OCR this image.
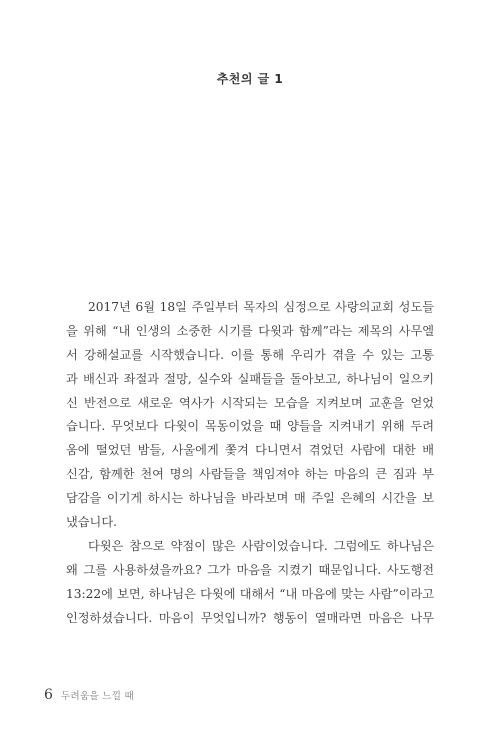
추천의 글 1
2017년 6월 18일 주일부터 목자의 심정으로 사랑의교회 성도들
을 위해 “내 인생의 소중한 시기를 다윗과 함께”라는 제목의 사무엘
서 강해설교를 시작했습니다. 이를 통해 우리가 겪을 수 있는 고통
과 배신과 좌절과 절망, 실수와 실패들을 돌아보고, 하나님이 일으키
신 반전으로 새로운 역사가 시작되는 모습을 지켜보며 교훈을 얻었
습니다. 무엇보다 다윗이 목동이었을 때 양들을 지켜내기 위해 두려
움에 떨었던 밤들, 사울에게 쫓겨 다니면서 겪었던 사람에 대한 배
신감, 함께한 천여 명의 사람들을 책임져야 하는 마음의 큰 짐과 부
담감을 이기게 하시는 하나님을 바라보며 매 주일 은혜의 시간을 보
냈습니다.
다윗은 참으로 약점이 많은 사람이었습니다. 그럼에도 하나님은
왜 그를 사용하셨을까요? 그가 마음을 지켰기 때문입니다. 사도행전
13:22에 보면, 하나님은 다윗에 대해서 “내 마음에 맞는 사람”이라고
인정하셨습니다. 마음이 무엇입니까? 행동이 열매라면 마음은 나무
6 두려움을 느낄 때
